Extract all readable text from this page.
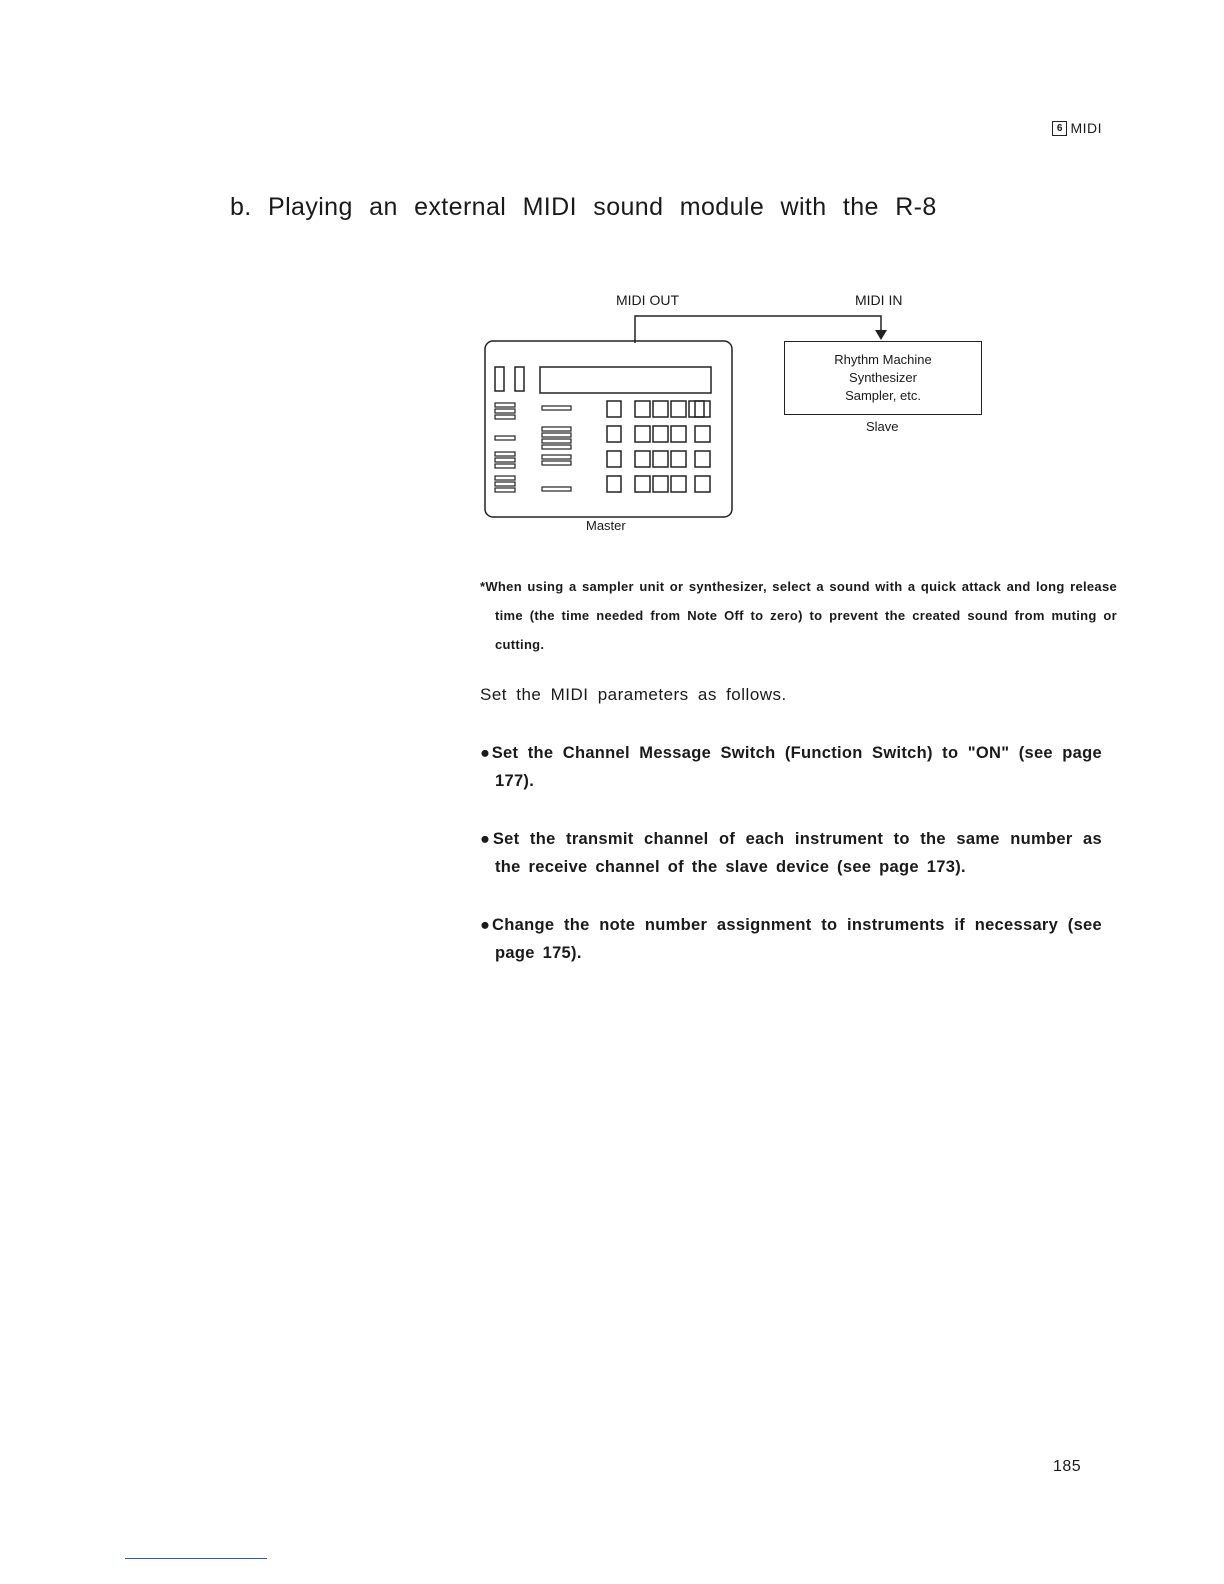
6 MIDI
b. Playing an external MIDI sound module with the R-8
MIDI OUT	MIDI IN
Rhythm Machine
Synthesizer
Sampler, etc.
Slave
Master

*When using a sampler unit or synthesizer, select a sound with a quick attack and long release time (the time needed from Note Off to zero) to prevent the created sound from muting or cutting.

Set the MIDI parameters as follows.

●Set the Channel Message Switch (Function Switch) to "ON" (see page 177).
●Set the transmit channel of each instrument to the same number as the receive channel of the slave device (see page 173).
●Change the note number assignment to instruments if necessary (see page 175).
185
